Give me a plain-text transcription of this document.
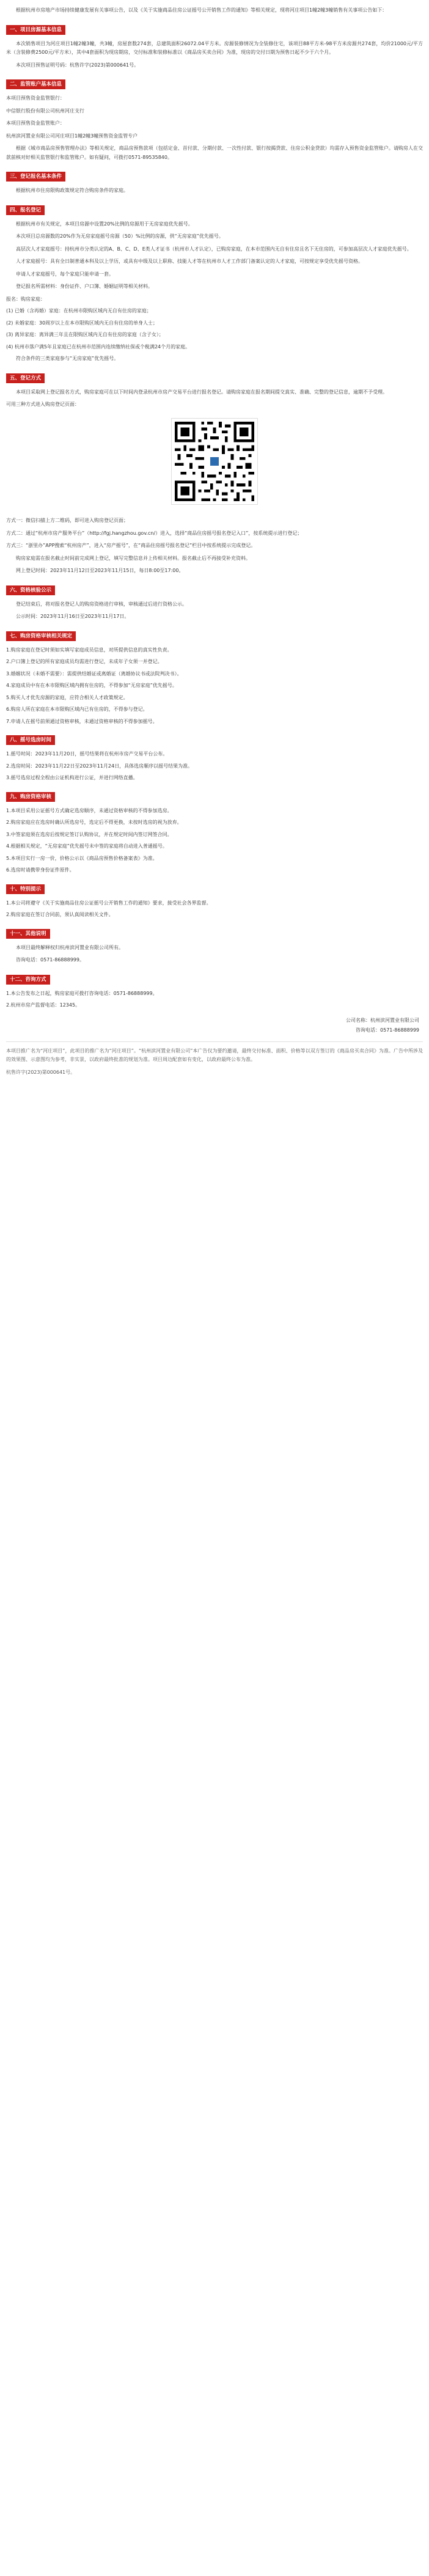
根据杭州市房地产市场持续健康发展有关事项公告，以及《关于实施商品住房公证摇号公开销售工作的通知》等相关规定，现将河庄项目1幢2幢3幢销售有关事项公告如下：

一、项目房源基本信息

本次销售项目为河庄项目1幢2幢3幢，共3幢，房屋套数274套，总建筑面积26072.04平方米。房源装修情况为全装修住宅，该项目88平方米-98平方米房源共274套，均价21000元/平方米（含装修费2500元/平方米），其中4套面积为现房期房，交付标准和装修标准以《商品房买卖合同》为准，现房的交付日期为预售日起不少于六个月。

本次项目预售证明号码：杭售许字(2023)第000641号。

二、监管账户基本信息

本项目预售资金监管银行：

中信银行股份有限公司杭州河庄支行

本项目预售资金监管账户：

杭州滨河置业有限公司河庄项目1幢2幢3幢预售资金监管专户

根据《城市商品房预售管理办法》等相关规定，商品房预售款项（包括定金、首付款、分期付款、一次性付款、银行按揭贷款、住房公积金贷款）均需存入预售资金监管账户。请购房人在交款前核对好相关监管银行和监管账户。如有疑问，可拨打0571-89535840。

三、登记报名基本条件

根据杭州市住房限购政策规定符合购房条件的家庭。

四、报名登记

根据杭州市有关规定，本项目房源中设置20%比例的房源用于无房家庭优先摇号。

本次项目总房源数的20%作为无房家庭摇号房源（50）%比例的房源，供“无房家庭”优先摇号。

高层次人才家庭摇号：持杭州市分类认定的A、B、C、D、E类人才证书（杭州市人才认定），已购房家庭，在本市范围内无自有住房且名下无住房的，可参加高层次人才家庭优先摇号。

人才家庭摇号：具有全日制普通本科及以上学历，或具有中级及以上职称、技能人才等在杭州市人才工作部门备案认定的人才家庭，可按规定享受优先摇号资格。

申请人才家庭摇号，每个家庭只能申请一套。

登记报名所需材料：身份证件、户口簿、婚姻证明等相关材料。

报名：购房家庭：

(1) 已婚（含再婚）家庭：在杭州市限购区域内无自有住房的家庭；

(2) 未婚家庭：30周岁以上在本市限购区域内无自有住房的单身人士；

(3) 离异家庭：离异满三年且在限购区域内无自有住房的家庭（含子女）；

(4) 杭州市落户满5年且家庭已在杭州市范围内连续缴纳社保或个税满24个月的家庭。

符合条件的三类家庭参与“无房家庭”优先摇号。

五、登记方式

本项目采取网上登记报名方式，购房家庭可在以下时间内登录杭州市房产交易平台进行报名登记。请购房家庭在报名期间提交真实、准确、完整的登记信息，逾期不予受理。

可用三种方式进入购房登记页面：

方式一：微信扫描上方二维码，即可进入购房登记页面；

方式二：通过“杭州市房产服务平台”（http://fgj.hangzhou.gov.cn/）进入，选择“商品住房摇号报名登记入口”，按系统提示进行登记；

方式三：“浙里办”APP搜索“杭州房产”，进入“房产摇号”，在“商品住房摇号报名登记”栏目中按系统提示完成登记。

购房家庭需在报名截止时间前完成网上登记，填写完整信息并上传相关材料。报名截止后不再接受补充资料。

网上登记时间：2023年11月12日至2023年11月15日，每日8:00至17:00。

六、资格核验公示

登记结束后，将对报名登记人的购房资格进行审核，审核通过后进行资格公示。

公示时间：2023年11月16日至2023年11月17日。

七、购房资格审核相关规定

1.购房家庭在登记时须如实填写家庭成员信息，对所提供信息的真实性负责。

2.户口簿上登记的所有家庭成员均需进行登记，未成年子女须一并登记。

3.婚姻状况（未婚不需要）：需提供结婚证或离婚证（离婚协议书或法院判决书）。

4.家庭成员中有在本市限购区域内拥有住房的，不得参加“无房家庭”优先摇号。

5.购买人才优先房源的家庭，应符合相关人才政策规定。

6.购房人所在家庭在本市限购区域内已有住房的，不得参与登记。

7.申请人在摇号前须通过资格审核，未通过资格审核的不得参加摇号。

八、摇号选房时间

1.摇号时间：2023年11月20日，摇号结果将在杭州市房产交易平台公布。

2.选房时间：2023年11月22日至2023年11月24日，具体选房顺序以摇号结果为准。

3.摇号选房过程全程由公证机构进行公证，并进行网络直播。

九、购房资格审核

1.本项目采用公证摇号方式确定选房顺序，未通过资格审核的不得参加选房。

2.购房家庭应在选房时确认所选房号，选定后不得更换，未按时选房的视为放弃。

3.中签家庭须在选房后按规定签订认购协议，并在规定时间内签订网签合同。

4.根据相关规定，“无房家庭”优先摇号未中签的家庭将自动进入普通摇号。

5.本项目实行一房一价，价格公示以《商品房预售价格备案表》为准。

6.选房时请携带身份证件原件。

十、特别提示

1.本公司将遵守《关于实施商品住房公证摇号公开销售工作的通知》要求，接受社会各界监督。

2.购房家庭在签订合同前，须认真阅读相关文件。

十一、其他说明

本项目最终解释权归杭州滨河置业有限公司所有。

咨询电话：0571-86888999。

十二、咨询方式

1.本公告发布之日起，购房家庭可拨打咨询电话：0571-86888999。

2.杭州市房产监督电话：12345。

公司名称：杭州滨河置业有限公司
咨询电话：0571-86888999

本项目推广名为“河庄项目”，此项目的推广名为“河庄项目”。“杭州滨河置业有限公司”本广告仅为要约邀请，最终交付标准、面积、价格等以双方签订的《商品房买卖合同》为准。广告中所涉及的效果图、示意图均为参考，非实景，以政府最终批准的规划为准。项目周边配套如有变化，以政府最终公布为准。

杭售许字(2023)第000641号。
